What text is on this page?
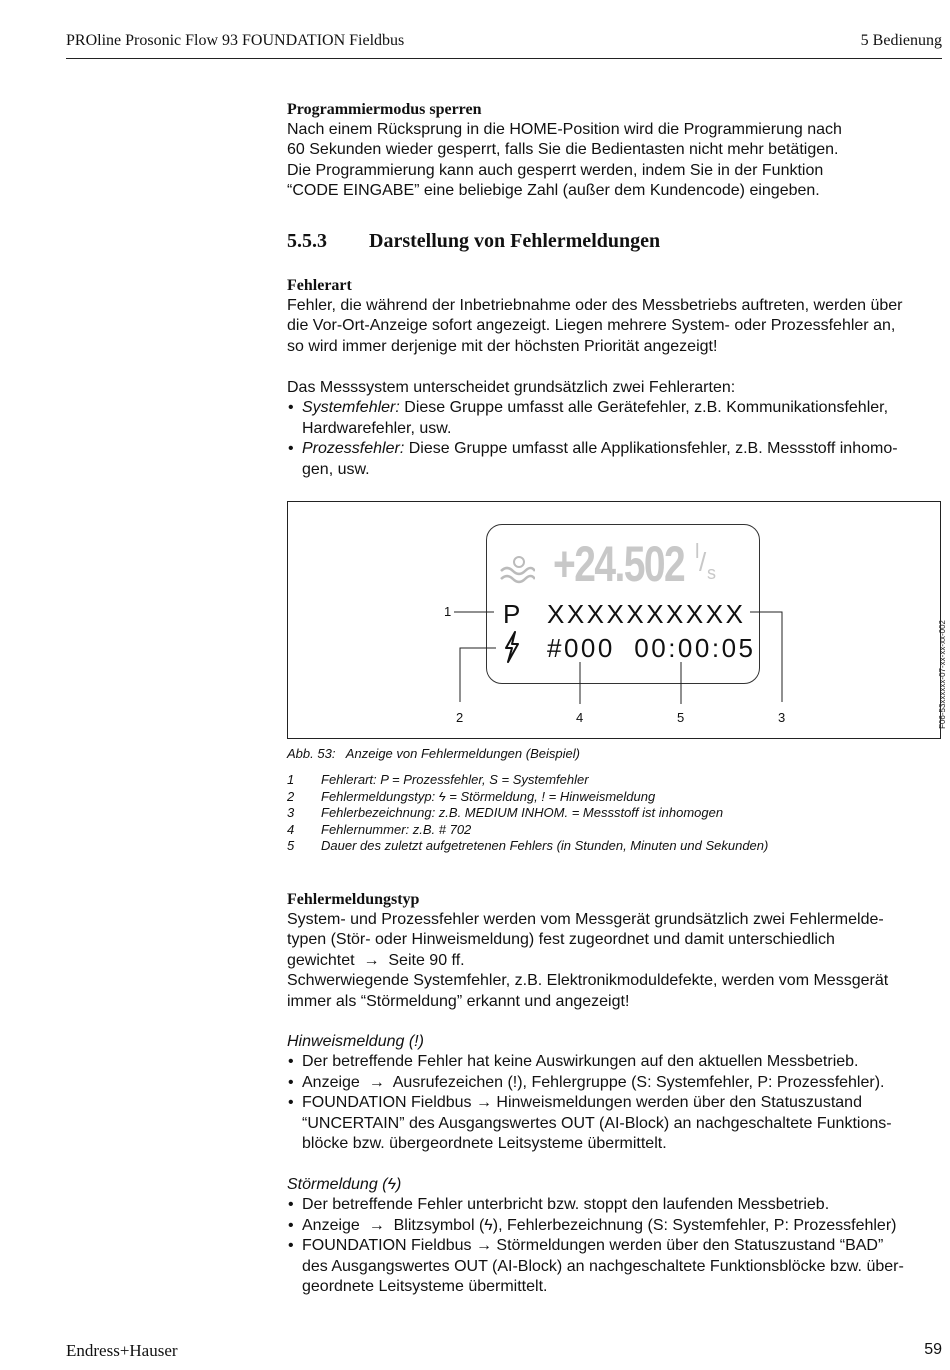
PROline Prosonic Flow 93 FOUNDATION Fieldbus	5 Bedienung
Programmiermodus sperren
Nach einem Rücksprung in die HOME-Position wird die Programmierung nach
60 Sekunden wieder gesperrt, falls Sie die Bedientasten nicht mehr betätigen.
Die Programmierung kann auch gesperrt werden, indem Sie in der Funktion
“CODE EINGABE” eine beliebige Zahl (außer dem Kundencode) eingeben.
5.5.3 Darstellung von Fehlermeldungen
Fehlerart
Fehler, die während der Inbetriebnahme oder des Messbetriebs auftreten, werden über
die Vor-Ort-Anzeige sofort angezeigt. Liegen mehrere System- oder Prozessfehler an,
so wird immer derjenige mit der höchsten Priorität angezeigt!
Das Messsystem unterscheidet grundsätzlich zwei Fehlerarten:
• Systemfehler: Diese Gruppe umfasst alle Gerätefehler, z.B. Kommunikationsfehler,
Hardwarefehler, usw.
• Prozessfehler: Diese Gruppe umfasst alle Applikationsfehler, z.B. Messstoff inhomo-
gen, usw.
+24.502 l / s
P XXXXXXXXXX
#000  00:00:05
1
2	4	5	3	F06-53xxxxxx-07-xx-xx-xx-002
Abb. 53: Anzeige von Fehlermeldungen (Beispiel)
1 Fehlerart: P = Prozessfehler, S = Systemfehler
2 Fehlermeldungstyp: ϟ = Störmeldung, ! = Hinweismeldung
3 Fehlerbezeichnung: z.B. MEDIUM INHOM. = Messstoff ist inhomogen
4 Fehlernummer: z.B. # 702
5 Dauer des zuletzt aufgetretenen Fehlers (in Stunden, Minuten und Sekunden)
Fehlermeldungstyp
System- und Prozessfehler werden vom Messgerät grundsätzlich zwei Fehlermelde-
typen (Stör- oder Hinweismeldung) fest zugeordnet und damit unterschiedlich
gewichtet  →  Seite 90 ff.
Schwerwiegende Systemfehler, z.B. Elektronikmoduldefekte, werden vom Messgerät
immer als “Störmeldung” erkannt und angezeigt!
Hinweismeldung (!)
• Der betreffende Fehler hat keine Auswirkungen auf den aktuellen Messbetrieb.
• Anzeige  →  Ausrufezeichen (!), Fehlergruppe (S: Systemfehler, P: Prozessfehler).
• FOUNDATION Fieldbus → Hinweismeldungen werden über den Statuszustand
“UNCERTAIN” des Ausgangswertes OUT (AI-Block) an nachgeschaltete Funktions-
blöcke bzw. übergeordnete Leitsysteme übermittelt.
Störmeldung (ϟ)
• Der betreffende Fehler unterbricht bzw. stoppt den laufenden Messbetrieb.
• Anzeige  →  Blitzsymbol (ϟ), Fehlerbezeichnung (S: Systemfehler, P: Prozessfehler)
• FOUNDATION Fieldbus → Störmeldungen werden über den Statuszustand “BAD”
des Ausgangswertes OUT (AI-Block) an nachgeschaltete Funktionsblöcke bzw. über-
geordnete Leitsysteme übermittelt.
Endress+Hauser	59
